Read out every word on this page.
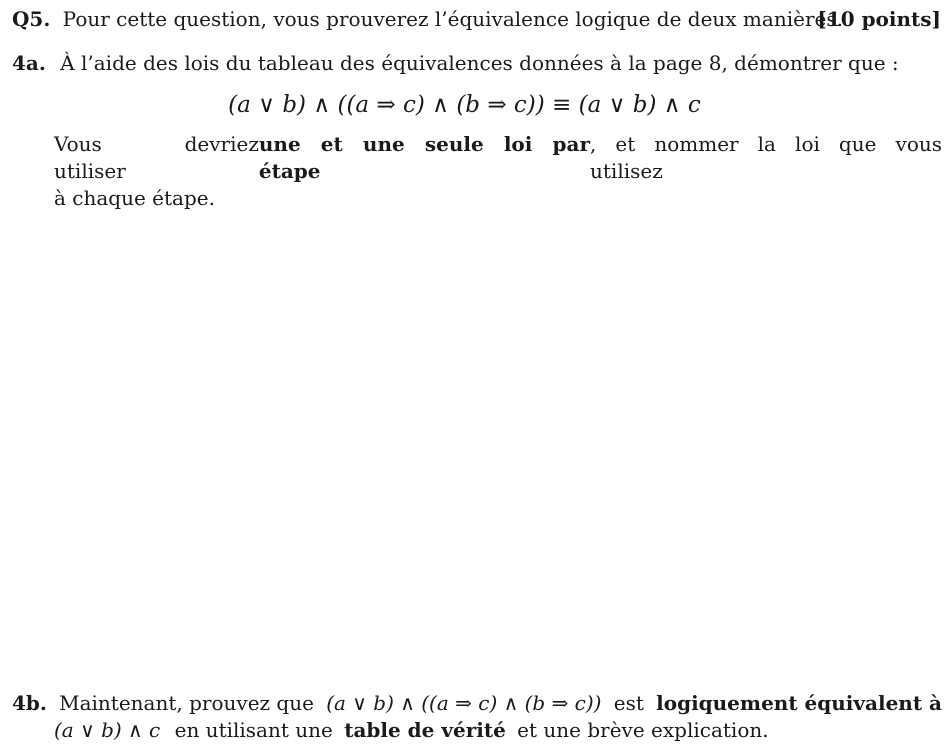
Q5. Pour cette question, vous prouverez l’équivalence logique de deux manières.
[10 points]
4a. À l’aide des lois du tableau des équivalences données à la page 8, démontrer que :
(a ∨ b) ∧ ((a ⇒ c) ∧ (b ⇒ c)) ≡ (a ∨ b) ∧ c
Vous devriez utiliser
une et une seule loi par étape
, et nommer la loi que vous utilisez
à chaque étape.
4b. Maintenant, prouvez que (a ∨ b) ∧ ((a ⇒ c) ∧ (b ⇒ c)) est logiquement équivalent à
(a ∨ b) ∧ c en utilisant une table de vérité et une brève explication.
